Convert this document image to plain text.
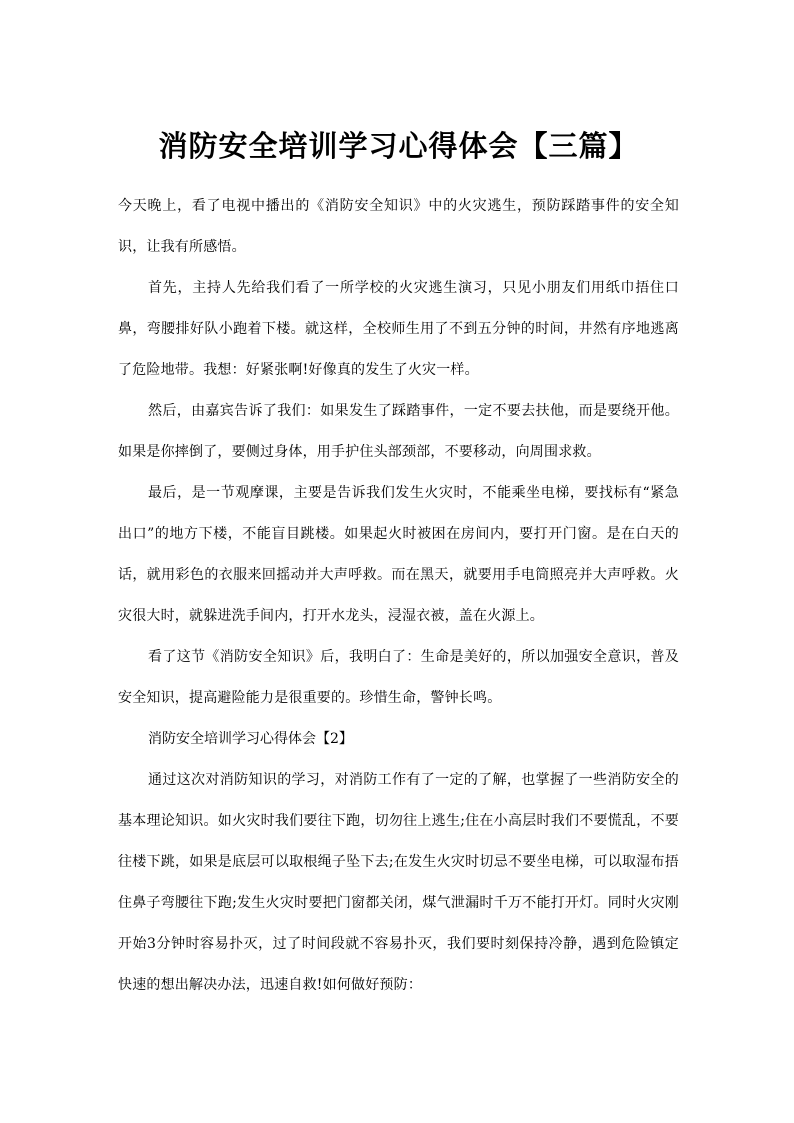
消防安全培训学习心得体会【三篇】

今天晚上，看了电视中播出的《消防安全知识》中的火灾逃生，预防踩踏事件的安全知识，让我有所感悟。

首先，主持人先给我们看了一所学校的火灾逃生演习，只见小朋友们用纸巾捂住口鼻，弯腰排好队小跑着下楼。就这样，全校师生用了不到五分钟的时间，井然有序地逃离了危险地带。我想：好紧张啊!好像真的发生了火灾一样。

然后，由嘉宾告诉了我们：如果发生了踩踏事件，一定不要去扶他，而是要绕开他。如果是你摔倒了，要侧过身体，用手护住头部颈部，不要移动，向周围求救。

最后，是一节观摩课，主要是告诉我们发生火灾时，不能乘坐电梯，要找标有“紧急出口”的地方下楼，不能盲目跳楼。如果起火时被困在房间内，要打开门窗。是在白天的话，就用彩色的衣服来回摇动并大声呼救。而在黑天，就要用手电筒照亮并大声呼救。火灾很大时，就躲进洗手间内，打开水龙头，浸湿衣被，盖在火源上。

看了这节《消防安全知识》后，我明白了：生命是美好的，所以加强安全意识，普及安全知识，提高避险能力是很重要的。珍惜生命，警钟长鸣。

消防安全培训学习心得体会【2】

通过这次对消防知识的学习，对消防工作有了一定的了解，也掌握了一些消防安全的基本理论知识。如火灾时我们要往下跑，切勿往上逃生;住在小高层时我们不要慌乱，不要往楼下跳，如果是底层可以取根绳子坠下去;在发生火灾时切忌不要坐电梯，可以取湿布捂住鼻子弯腰往下跑;发生火灾时要把门窗都关闭，煤气泄漏时千万不能打开灯。同时火灾刚开始3分钟时容易扑灭，过了时间段就不容易扑灭，我们要时刻保持冷静，遇到危险镇定快速的想出解决办法，迅速自救!如何做好预防：
